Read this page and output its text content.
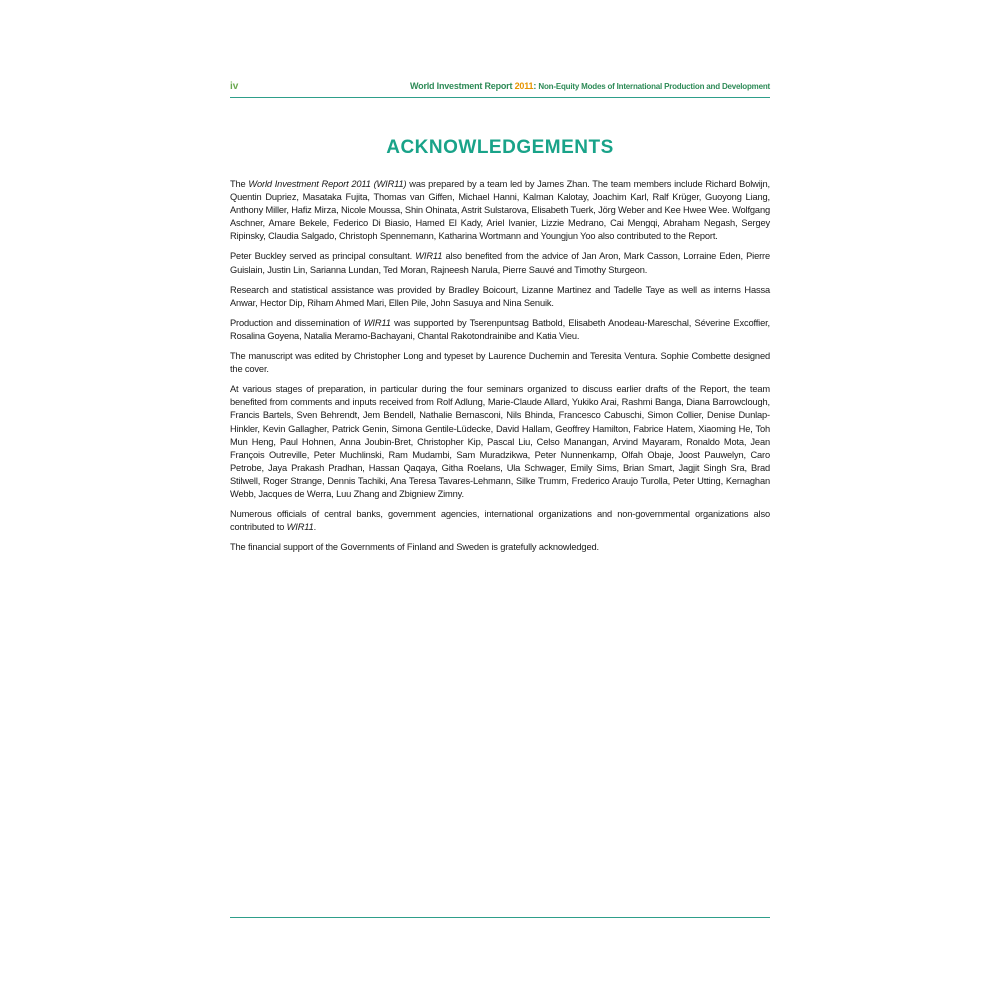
iv	World Investment Report 2011: Non-Equity Modes of International Production and Development
ACKNOWLEDGEMENTS

The World Investment Report 2011 (WIR11) was prepared by a team led by James Zhan. The team members include Richard Bolwijn, Quentin Dupriez, Masataka Fujita, Thomas van Giffen, Michael Hanni, Kalman Kalotay, Joachim Karl, Ralf Krüger, Guoyong Liang, Anthony Miller, Hafiz Mirza, Nicole Moussa, Shin Ohinata, Astrit Sulstarova, Elisabeth Tuerk, Jörg Weber and Kee Hwee Wee. Wolfgang Aschner, Amare Bekele, Federico Di Biasio, Hamed El Kady, Ariel Ivanier, Lizzie Medrano, Cai Mengqi, Abraham Negash, Sergey Ripinsky, Claudia Salgado, Christoph Spennemann, Katharina Wortmann and Youngjun Yoo also contributed to the Report.

Peter Buckley served as principal consultant. WIR11 also benefited from the advice of Jan Aron, Mark Casson, Lorraine Eden, Pierre Guislain, Justin Lin, Sarianna Lundan, Ted Moran, Rajneesh Narula, Pierre Sauvé and Timothy Sturgeon.

Research and statistical assistance was provided by Bradley Boicourt, Lizanne Martinez and Tadelle Taye as well as interns Hassa Anwar, Hector Dip, Riham Ahmed Mari, Ellen Pile, John Sasuya and Nina Senuik.

Production and dissemination of WIR11 was supported by Tserenpuntsag Batbold, Elisabeth Anodeau-Mareschal, Séverine Excoffier, Rosalina Goyena, Natalia Meramo-Bachayani, Chantal Rakotondrainibe and Katia Vieu.

The manuscript was edited by Christopher Long and typeset by Laurence Duchemin and Teresita Ventura. Sophie Combette designed the cover.

At various stages of preparation, in particular during the four seminars organized to discuss earlier drafts of the Report, the team benefited from comments and inputs received from Rolf Adlung, Marie-Claude Allard, Yukiko Arai, Rashmi Banga, Diana Barrowclough, Francis Bartels, Sven Behrendt, Jem Bendell, Nathalie Bernasconi, Nils Bhinda, Francesco Cabuschi, Simon Collier, Denise Dunlap-Hinkler, Kevin Gallagher, Patrick Genin, Simona Gentile-Lüdecke, David Hallam, Geoffrey Hamilton, Fabrice Hatem, Xiaoming He, Toh Mun Heng, Paul Hohnen, Anna Joubin-Bret, Christopher Kip, Pascal Liu, Celso Manangan, Arvind Mayaram, Ronaldo Mota, Jean François Outreville, Peter Muchlinski, Ram Mudambi, Sam Muradzikwa, Peter Nunnenkamp, Olfah Obaje, Joost Pauwelyn, Caro Petrobe, Jaya Prakash Pradhan, Hassan Qaqaya, Githa Roelans, Ula Schwager, Emily Sims, Brian Smart, Jagjit Singh Sra, Brad Stilwell, Roger Strange, Dennis Tachiki, Ana Teresa Tavares-Lehmann, Silke Trumm, Frederico Araujo Turolla, Peter Utting, Kernaghan Webb, Jacques de Werra, Luu Zhang and Zbigniew Zimny.

Numerous officials of central banks, government agencies, international organizations and non-governmental organizations also contributed to WIR11.

The financial support of the Governments of Finland and Sweden is gratefully acknowledged.
